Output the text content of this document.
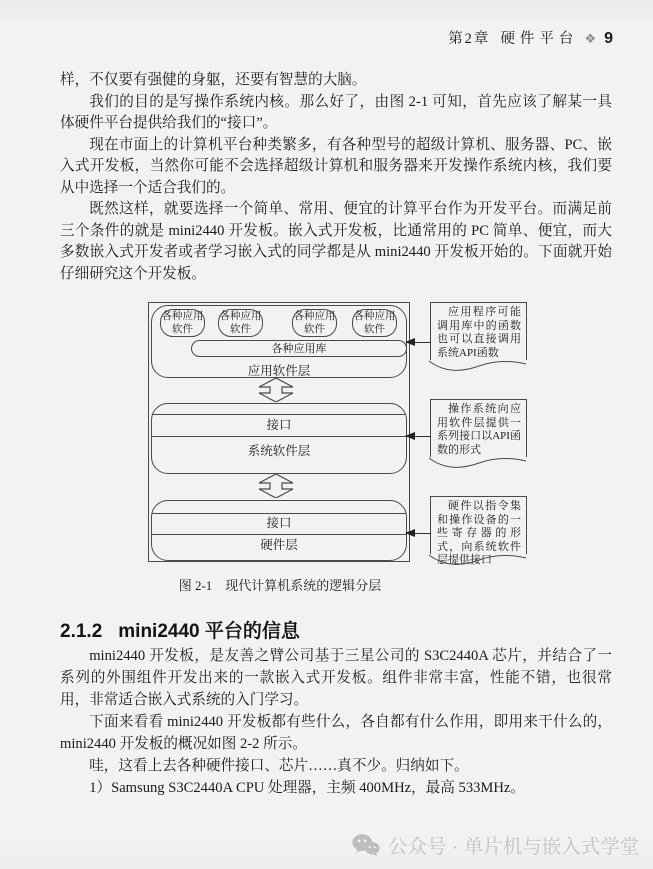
第2章 硬件平台 ❖ 9

样，不仅要有强健的身躯，还要有智慧的大脑。

我们的目的是写操作系统内核。那么好了，由图 2-1 可知，首先应该了解某一具体硬件平台提供给我们的“接口”。

现在市面上的计算机平台种类繁多，有各种型号的超级计算机、服务器、PC、嵌入式开发板，当然你可能不会选择超级计算机和服务器来开发操作系统内核，我们要从中选择一个适合我们的。

既然这样，就要选择一个简单、常用、便宜的计算平台作为开发平台。而满足前三个条件的就是 mini2440 开发板。嵌入式开发板，比通常用的 PC 简单、便宜，而大多数嵌入式开发者或者学习嵌入式的同学都是从 mini2440 开发板开始的。下面就开始仔细研究这个开发板。

应用软件层
各种应用软件
各种应用软件
各种应用软件
各种应用软件
各种应用库
接口
系统软件层
接口
硬件层
应用程序可能调用库中的函数也可以直接调用系统API函数
操作系统向应用软件层提供一系列接口以API函数的形式
硬件以指令集和操作设备的一些寄存器的形式，向系统软件层提供接口
图 2-1　现代计算机系统的逻辑分层
2.1.2 mini2440 平台的信息

mini2440 开发板，是友善之臂公司基于三星公司的 S3C2440A 芯片，并结合了一系列的外围组件开发出来的一款嵌入式开发板。组件非常丰富，性能不错，也很常用，非常适合嵌入式系统的入门学习。

下面来看看 mini2440 开发板都有些什么，各自都有什么作用，即用来干什么的，mini2440 开发板的概况如图 2-2 所示。

哇，这看上去各种硬件接口、芯片……真不少。归纳如下。

1）Samsung S3C2440A CPU 处理器，主频 400MHz，最高 533MHz。

公众号 · 单片机与嵌入式学堂
